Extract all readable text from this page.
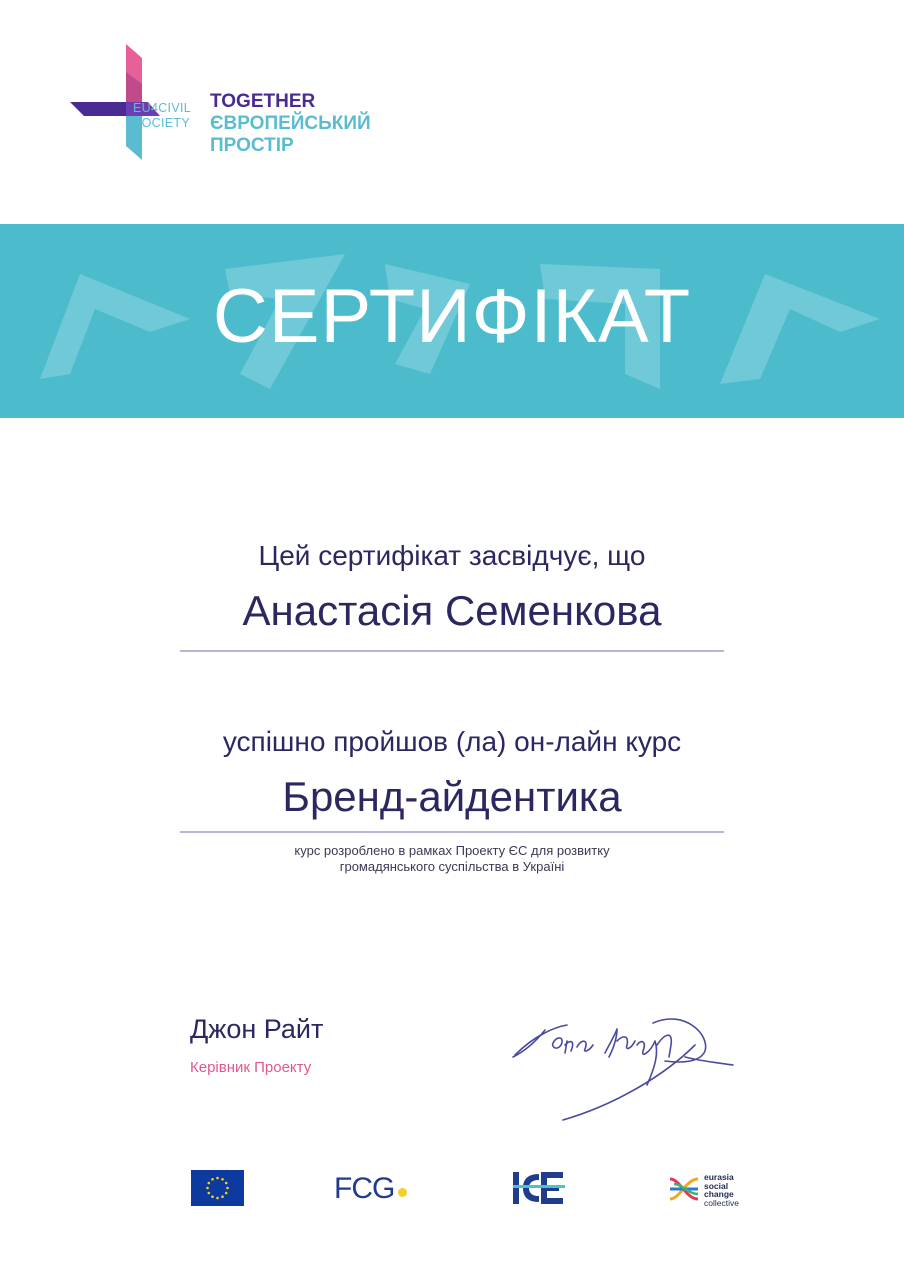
EU4CIVIL
SOCIETY
TOGETHER
ЄВРОПЕЙСЬКИЙ
ПРОСТІР
СЕРТИФІКАТ
Цей сертифікат засвідчує, що
Анастасія Семенкова
успішно пройшов (ла) он-лайн курс
Бренд-айдентика
курс розроблено в рамках Проекту ЄС для розвитку
громадянського суспільства в Україні
Джон Райт
Керівник Проекту
FCG	eurasia
social
change
collective
